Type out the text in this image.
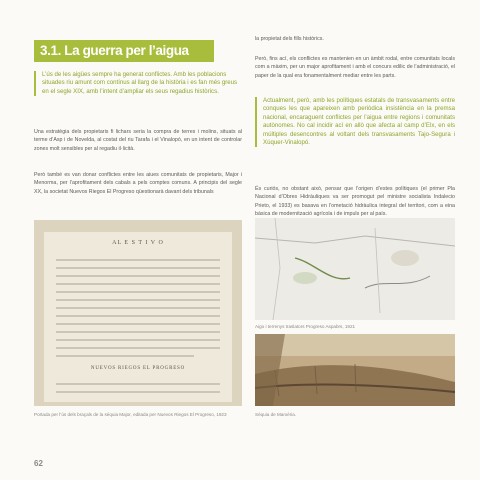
3.1. La guerra per l’aigua
L’ús de les aigües sempre ha generat conflictes. Amb les poblacions situades riu amunt com contínus al llarg de la història i es fan més greus en el segle XIX, amb l’intent d’ampliar els seus regadius històrics.
Una estratègia dels propietaris fi lichars seria la compra de terres i molins, situats al terme d’Asp i de Novelda, al costat del riu Tarafa i el Vinalopó, en un intent de controlar zones molt sensibles per al regadiu il·licità.
Però també es van donar conflictes entre les aiues comunitats de propietaris, Major i Menorma, per l’aprofitament dels cabals a pels comptes comuns. A principis del segle XX, la societat Nuevos Riegos El Progreso qüestionarà davant dels tribunals
la propietat dels fills històrics.
Però, fins ací, els conflictes es mantenien en un àmbit rodal, entre comunitats locals com a màxim, per un major aprofitament i amb el concurs edilic de l’administració, el paper de la qual era fonamentalment mediar entre les parts.
Actualment, però, amb les polítiques estatals de transvasaments entre conques les que apareixen amb periòdica insistència en la premsa nacional, encaraguent conflictes per l’aigua entre regions i comunitats autònomes. No cal incidir ací en allò que afecta al camp d’Elx, en els múltiples desencontres al voltant dels transvasaments Tajo-Segura i Xúquer-Vinalopó.
És curiós, no obstant això, pensar que l’origen d’estes polítiques (el primer Pla Nacional d’Obres Hidràuliques va ser promogut pel ministre socialista Indalecio Prieto, el 1933) es basava en l’ometació hidràulica integral del territori, com a eina bàsica de modernització agrícola i de impuls per al país.
AL E S T I V O
NUEVOS RIEGOS EL PROGRESO
Aigo i terrenys traslators Progreso Aspabrs, 1921
Portada per l’ús dels braçals de la séquia Major, editada per Nuevos Riegos El Progreso, 1923	Sèquia de Marxèria.
62
